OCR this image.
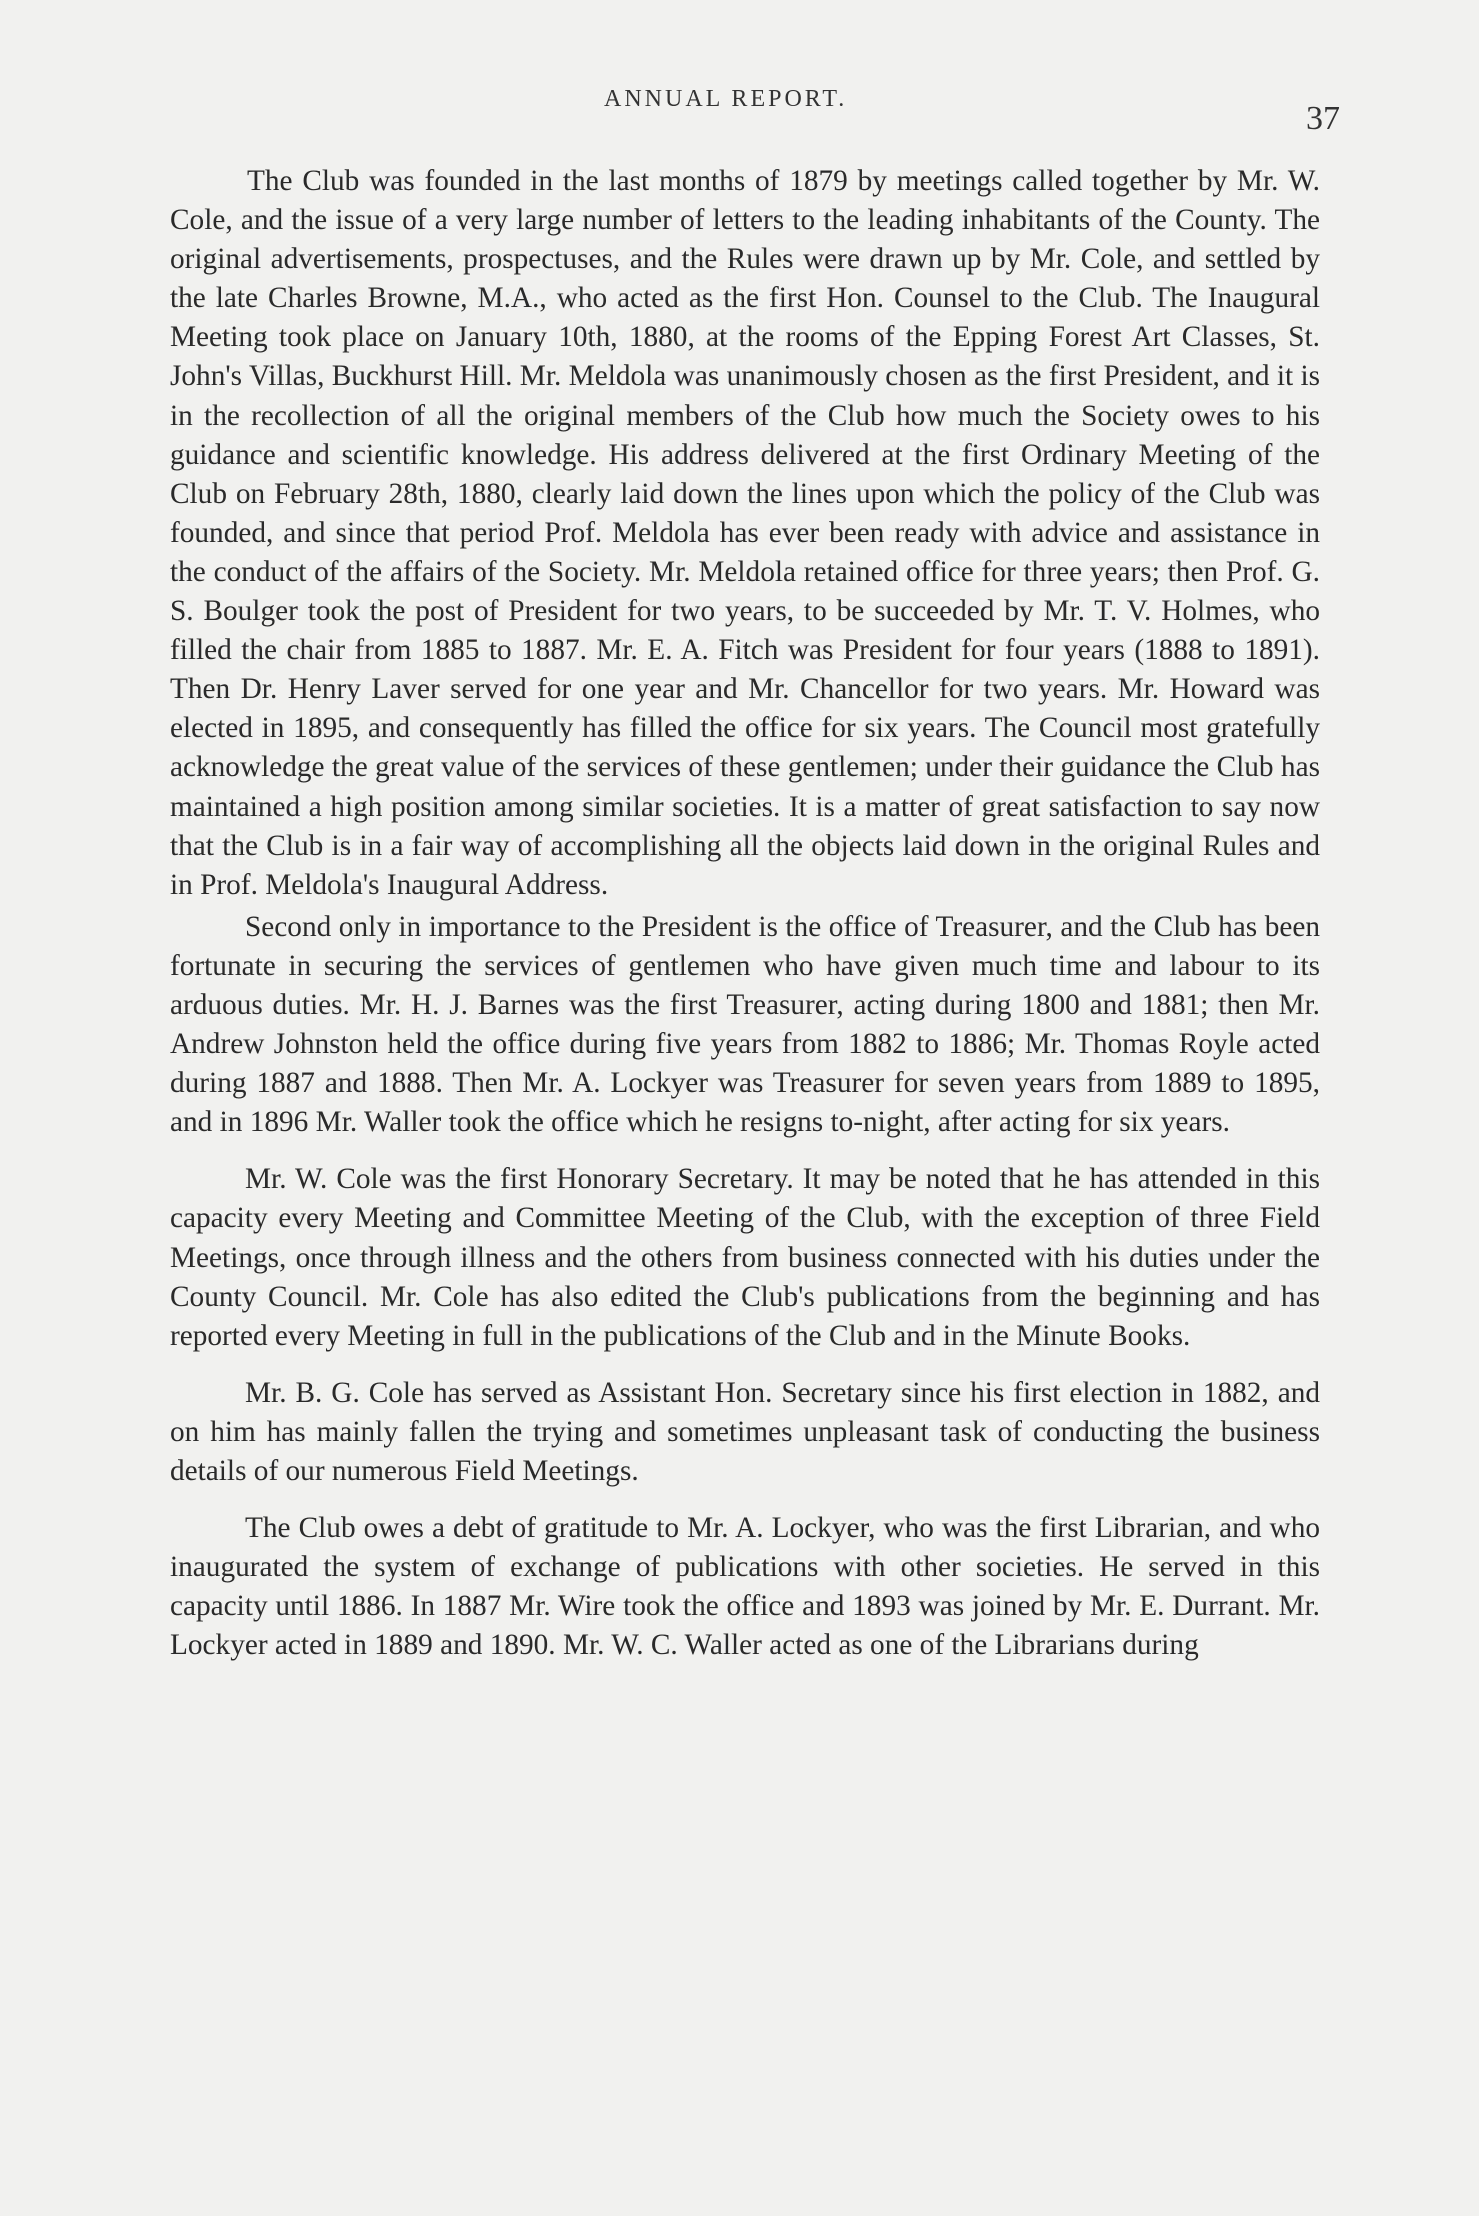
ANNUAL REPORT.
37

The Club was founded in the last months of 1879 by meetings called together by Mr. W. Cole, and the issue of a very large number of letters to the leading inhabitants of the County. The original advertisements, prospectuses, and the Rules were drawn up by Mr. Cole, and settled by the late Charles Browne, M.A., who acted as the first Hon. Counsel to the Club. The Inaugural Meeting took place on January 10th, 1880, at the rooms of the Epping Forest Art Classes, St. John's Villas, Buckhurst Hill. Mr. Meldola was unanimously chosen as the first President, and it is in the recollection of all the original members of the Club how much the Society owes to his guidance and scientific knowledge. His address delivered at the first Ordinary Meeting of the Club on February 28th, 1880, clearly laid down the lines upon which the policy of the Club was founded, and since that period Prof. Meldola has ever been ready with advice and assistance in the conduct of the affairs of the Society. Mr. Meldola retained office for three years; then Prof. G. S. Boulger took the post of President for two years, to be succeeded by Mr. T. V. Holmes, who filled the chair from 1885 to 1887. Mr. E. A. Fitch was President for four years (1888 to 1891). Then Dr. Henry Laver served for one year and Mr. Chancellor for two years. Mr. Howard was elected in 1895, and consequently has filled the office for six years. The Council most gratefully acknowledge the great value of the services of these gentlemen; under their guidance the Club has maintained a high position among similar societies. It is a matter of great satisfaction to say now that the Club is in a fair way of accomplishing all the objects laid down in the original Rules and in Prof. Meldola's Inaugural Address.

Second only in importance to the President is the office of Treasurer, and the Club has been fortunate in securing the services of gentlemen who have given much time and labour to its arduous duties. Mr. H. J. Barnes was the first Treasurer, acting during 1800 and 1881; then Mr. Andrew Johnston held the office during five years from 1882 to 1886; Mr. Thomas Royle acted during 1887 and 1888. Then Mr. A. Lockyer was Treasurer for seven years from 1889 to 1895, and in 1896 Mr. Waller took the office which he resigns to-night, after acting for six years.

Mr. W. Cole was the first Honorary Secretary. It may be noted that he has attended in this capacity every Meeting and Committee Meeting of the Club, with the exception of three Field Meetings, once through illness and the others from business connected with his duties under the County Council. Mr. Cole has also edited the Club's publications from the beginning and has reported every Meeting in full in the publications of the Club and in the Minute Books.

Mr. B. G. Cole has served as Assistant Hon. Secretary since his first election in 1882, and on him has mainly fallen the trying and sometimes unpleasant task of conducting the business details of our numerous Field Meetings.

The Club owes a debt of gratitude to Mr. A. Lockyer, who was the first Librarian, and who inaugurated the system of exchange of publications with other societies. He served in this capacity until 1886. In 1887 Mr. Wire took the office and 1893 was joined by Mr. E. Durrant. Mr. Lockyer acted in 1889 and 1890. Mr. W. C. Waller acted as one of the Librarians during
